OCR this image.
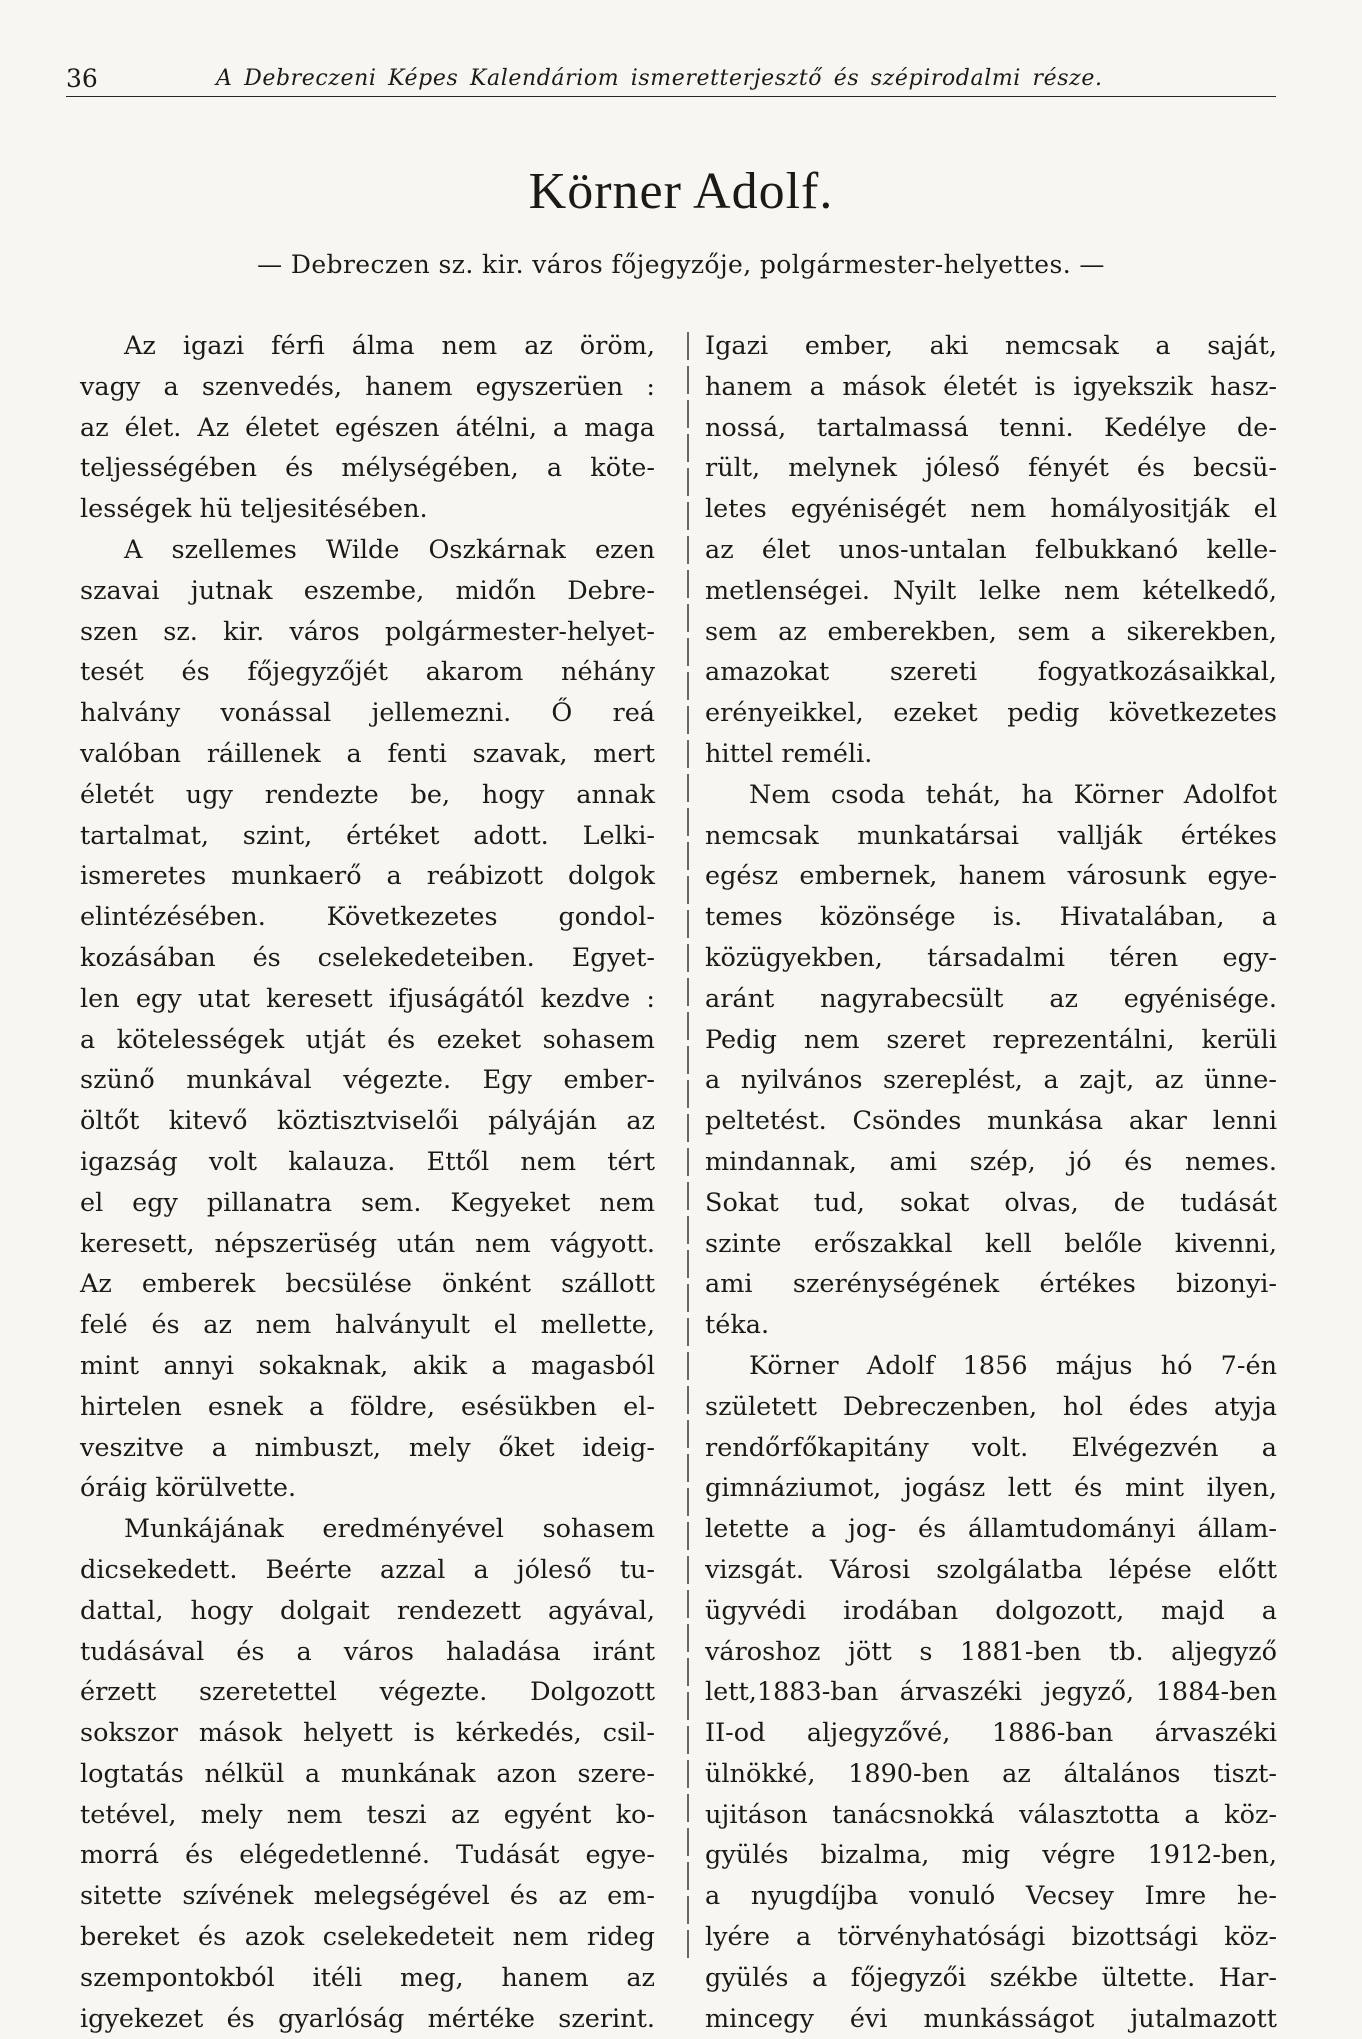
36	A Debreczeni Képes Kalendáriom ismeretterjesztő és szépirodalmi része.
Körner Adolf.
— Debreczen sz. kir. város főjegyzője, polgármester-helyettes. —
Az igazi férfi álma nem az öröm,
vagy a szenvedés, hanem egyszerüen :
az élet. Az életet egészen átélni, a maga
teljességében és mélységében, a köte-
lességek hü teljesitésében.
A szellemes Wilde Oszkárnak ezen
szavai jutnak eszembe, midőn Debre-
szen sz. kir. város polgármester-helyet-
tesét és főjegyzőjét akarom néhány
halvány vonással jellemezni. Ő reá
valóban ráillenek a fenti szavak, mert
életét ugy rendezte be, hogy annak
tartalmat, szint, értéket adott. Lelki-
ismeretes munkaerő a reábizott dolgok
elintézésében. Következetes gondol-
kozásában és cselekedeteiben. Egyet-
len egy utat keresett ifjuságától kezdve :
a kötelességek utját és ezeket sohasem
szünő munkával végezte. Egy ember-
öltőt kitevő köztisztviselői pályáján az
igazság volt kalauza. Ettől nem tért
el egy pillanatra sem. Kegyeket nem
keresett, népszerüség után nem vágyott.
Az emberek becsülése önként szállott
felé és az nem halványult el mellette,
mint annyi sokaknak, akik a magasból
hirtelen esnek a földre, esésükben el-
veszitve a nimbuszt, mely őket ideig-
óráig körülvette.
Munkájának eredményével sohasem
dicsekedett. Beérte azzal a jóleső tu-
dattal, hogy dolgait rendezett agyával,
tudásával és a város haladása iránt
érzett szeretettel végezte. Dolgozott
sokszor mások helyett is kérkedés, csil-
logtatás nélkül a munkának azon szere-
tetével, mely nem teszi az egyént ko-
morrá és elégedetlenné. Tudását egye-
sitette szívének melegségével és az em-
bereket és azok cselekedeteit nem rideg
szempontokból itéli meg, hanem az
igyekezet és gyarlóság mértéke szerint.
Igazi ember, aki nemcsak a saját,
hanem a mások életét is igyekszik hasz-
nossá, tartalmassá tenni. Kedélye de-
rült, melynek jóleső fényét és becsü-
letes egyéniségét nem homályositják el
az élet unos-untalan felbukkanó kelle-
metlenségei. Nyilt lelke nem kételkedő,
sem az emberekben, sem a sikerekben,
amazokat szereti fogyatkozásaikkal,
erényeikkel, ezeket pedig következetes
hittel reméli.
Nem csoda tehát, ha Körner Adolfot
nemcsak munkatársai vallják értékes
egész embernek, hanem városunk egye-
temes közönsége is. Hivatalában, a
közügyekben, társadalmi téren egy-
aránt nagyrabecsült az egyénisége.
Pedig nem szeret reprezentálni, kerüli
a nyilvános szereplést, a zajt, az ünne-
peltetést. Csöndes munkása akar lenni
mindannak, ami szép, jó és nemes.
Sokat tud, sokat olvas, de tudását
szinte erőszakkal kell belőle kivenni,
ami szerénységének értékes bizonyi-
téka.
Körner Adolf 1856 május hó 7-én
született Debreczenben, hol édes atyja
rendőrfőkapitány volt. Elvégezvén a
gimnáziumot, jogász lett és mint ilyen,
letette a jog- és államtudományi állam-
vizsgát. Városi szolgálatba lépése előtt
ügyvédi irodában dolgozott, majd a
városhoz jött s 1881-ben tb. aljegyző
lett,1883-ban árvaszéki jegyző, 1884-ben
II-od aljegyzővé, 1886-ban árvaszéki
ülnökké, 1890-ben az általános tiszt-
ujitáson tanácsnokká választotta a köz-
gyülés bizalma, mig végre 1912-ben,
a nyugdíjba vonuló Vecsey Imre he-
lyére a törvényhatósági bizottsági köz-
gyülés a főjegyzői székbe ültette. Har-
mincegy évi munkásságot jutalmazott
